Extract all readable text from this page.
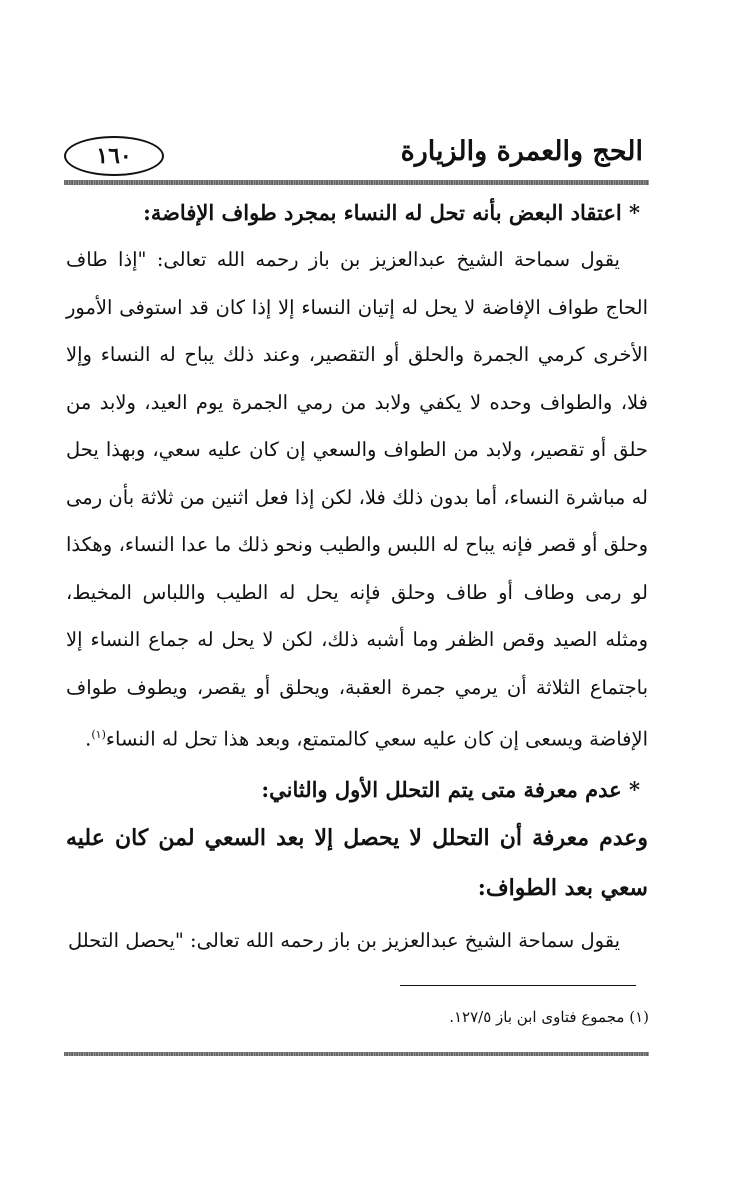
١٦٠	الحج والعمرة والزيارة

* اعتقاد البعض بأنه تحل له النساء بمجرد طواف الإفاضة:

يقول سماحة الشيخ عبدالعزيز بن باز رحمه الله تعالى: "إذا طاف الحاج طواف الإفاضة لا يحل له إتيان النساء إلا إذا كان قد استوفى الأمور الأخرى كرمي الجمرة والحلق أو التقصير، وعند ذلك يباح له النساء وإلا فلا، والطواف وحده لا يكفي ولابد من رمي الجمرة يوم العيد، ولابد من حلق أو تقصير، ولابد من الطواف والسعي إن كان عليه سعي، وبهذا يحل له مباشرة النساء، أما بدون ذلك فلا، لكن إذا فعل اثنين من ثلاثة بأن رمى وحلق أو قصر فإنه يباح له اللبس والطيب ونحو ذلك ما عدا النساء، وهكذا لو رمى وطاف أو طاف وحلق فإنه يحل له الطيب واللباس المخيط، ومثله الصيد وقص الظفر وما أشبه ذلك، لكن لا يحل له جماع النساء إلا باجتماع الثلاثة أن يرمي جمرة العقبة، ويحلق أو يقصر، ويطوف طواف الإفاضة ويسعى إن كان عليه سعي كالمتمتع، وبعد هذا تحل له النساء$^{(١)}$.

* عدم معرفة متى يتم التحلل الأول والثاني:

وعدم معرفة أن التحلل لا يحصل إلا بعد السعي لمن كان عليه سعي بعد الطواف:

يقول سماحة الشيخ عبدالعزيز بن باز رحمه الله تعالى: "يحصل التحلل

(١) مجموع فتاوى ابن باز ١٢٧/٥.
